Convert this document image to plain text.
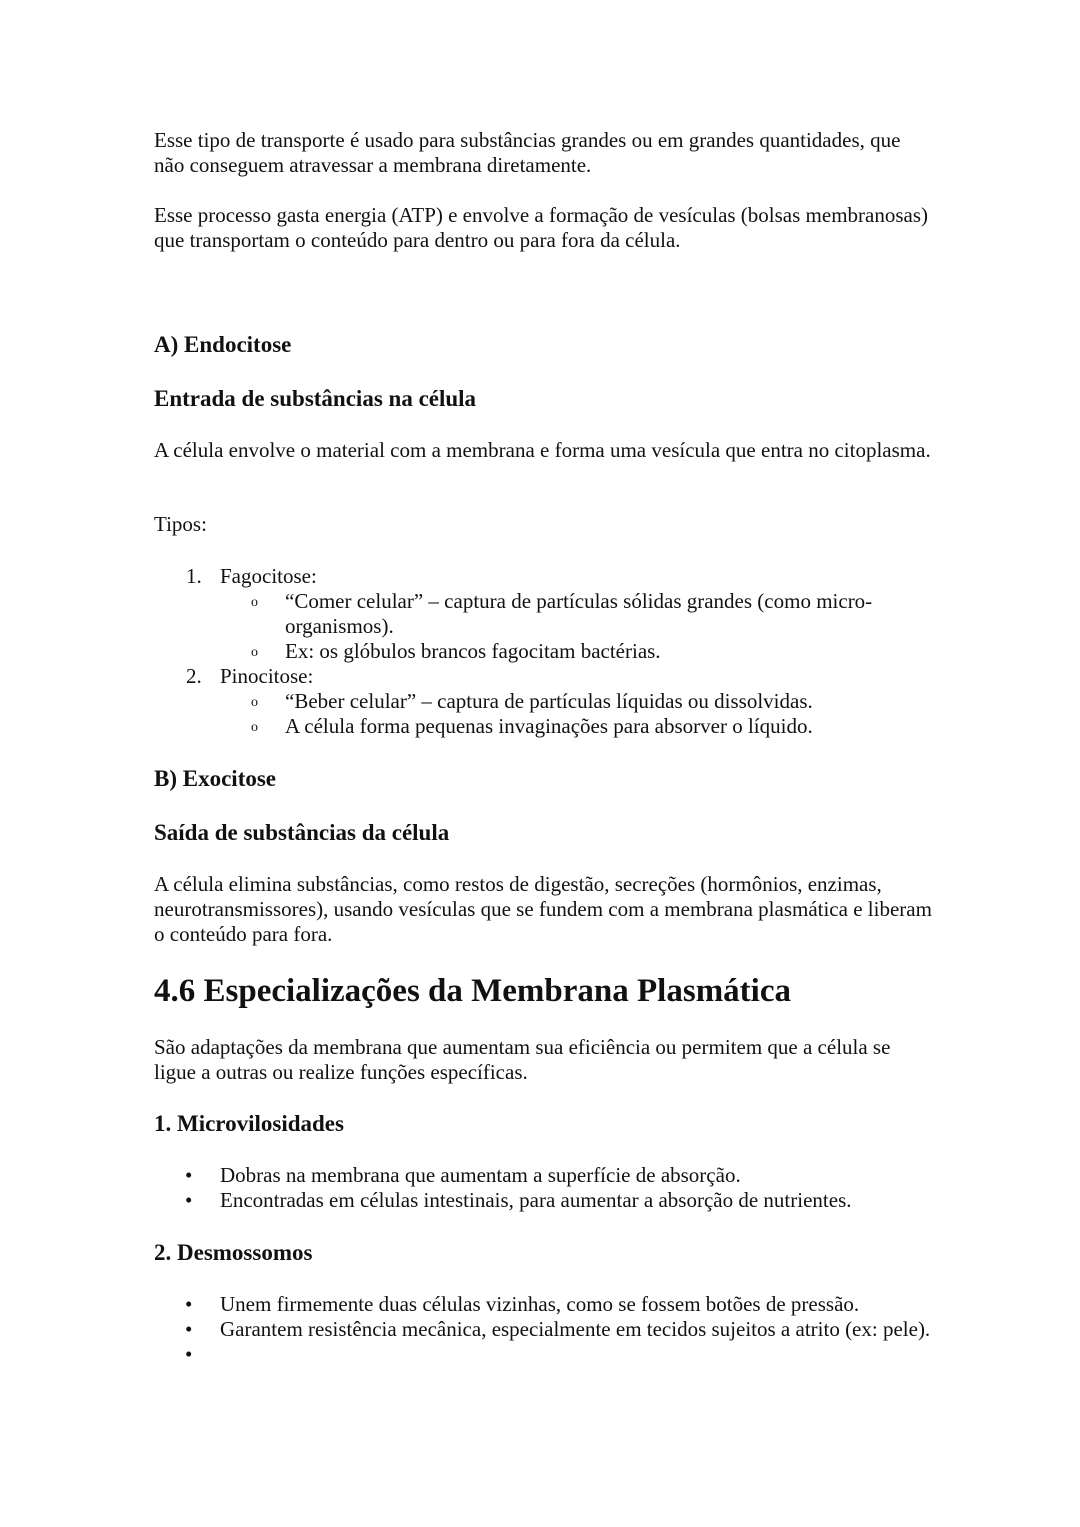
Esse tipo de transporte é usado para substâncias grandes ou em grandes quantidades, que não conseguem atravessar a membrana diretamente.

Esse processo gasta energia (ATP) e envolve a formação de vesículas (bolsas membranosas) que transportam o conteúdo para dentro ou para fora da célula.

A) Endocitose
Entrada de substâncias na célula

A célula envolve o material com a membrana e forma uma vesícula que entra no citoplasma.

Tipos:

1. Fagocitose:
o “Comer celular” – captura de partículas sólidas grandes (como micro-organismos).
o Ex: os glóbulos brancos fagocitam bactérias.
2. Pinocitose:
o “Beber celular” – captura de partículas líquidas ou dissolvidas.
o A célula forma pequenas invaginações para absorver o líquido.
B) Exocitose
Saída de substâncias da célula

A célula elimina substâncias, como restos de digestão, secreções (hormônios, enzimas, neurotransmissores), usando vesículas que se fundem com a membrana plasmática e liberam o conteúdo para fora.

4.6 Especializações da Membrana Plasmática

São adaptações da membrana que aumentam sua eficiência ou permitem que a célula se ligue a outras ou realize funções específicas.

1. Microvilosidades
• Dobras na membrana que aumentam a superfície de absorção.
• Encontradas em células intestinais, para aumentar a absorção de nutrientes.
2. Desmossomos
• Unem firmemente duas células vizinhas, como se fossem botões de pressão.
• Garantem resistência mecânica, especialmente em tecidos sujeitos a atrito (ex: pele).
•
